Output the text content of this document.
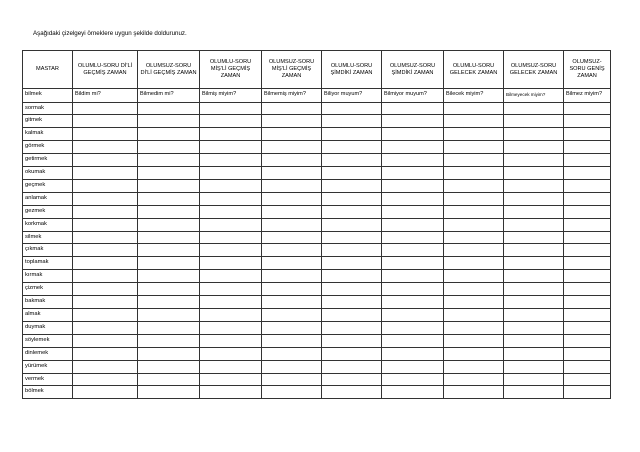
Aşağıdaki çizelgeyi örneklere uygun şekilde doldurunuz.
MASTAR	OLUMLU-SORU Dİ'Lİ GEÇMİŞ ZAMAN	OLUMSUZ-SORU Dİ'Lİ GEÇMİŞ ZAMAN	OLUMLU-SORU MİŞ'Lİ GEÇMİŞ ZAMAN	OLUMSUZ-SORU MİŞ'Lİ GEÇMİŞ ZAMAN	OLUMLU-SORU ŞİMDİKİ ZAMAN	OLUMSUZ-SORU ŞİMDİKİ ZAMAN	OLUMLU-SORU GELECEK ZAMAN	OLUMSUZ-SORU GELECEK ZAMAN	OLUMSUZ-SORU GENİŞ ZAMAN
bilmek	Bildim mi?	Bilmedim mi?	Bilmiş miyim?	Bilmemiş miyim?	Biliyor muyum?	Bilmiyor muyum?	Bilecek miyim?	Bilmeyecek miyim?	Bilmez miyim?
sormak									
gitmek									
kalmak									
görmek									
getirmek									
okumak									
geçmek									
anlamak									
gezmek									
korkmak									
silmek									
çıkmak									
toplamak									
kırmak									
çizmek									
bakmak									
almak									
duymak									
söylemek									
dinlemek									
yürümek									
vermek									
bölmek									
